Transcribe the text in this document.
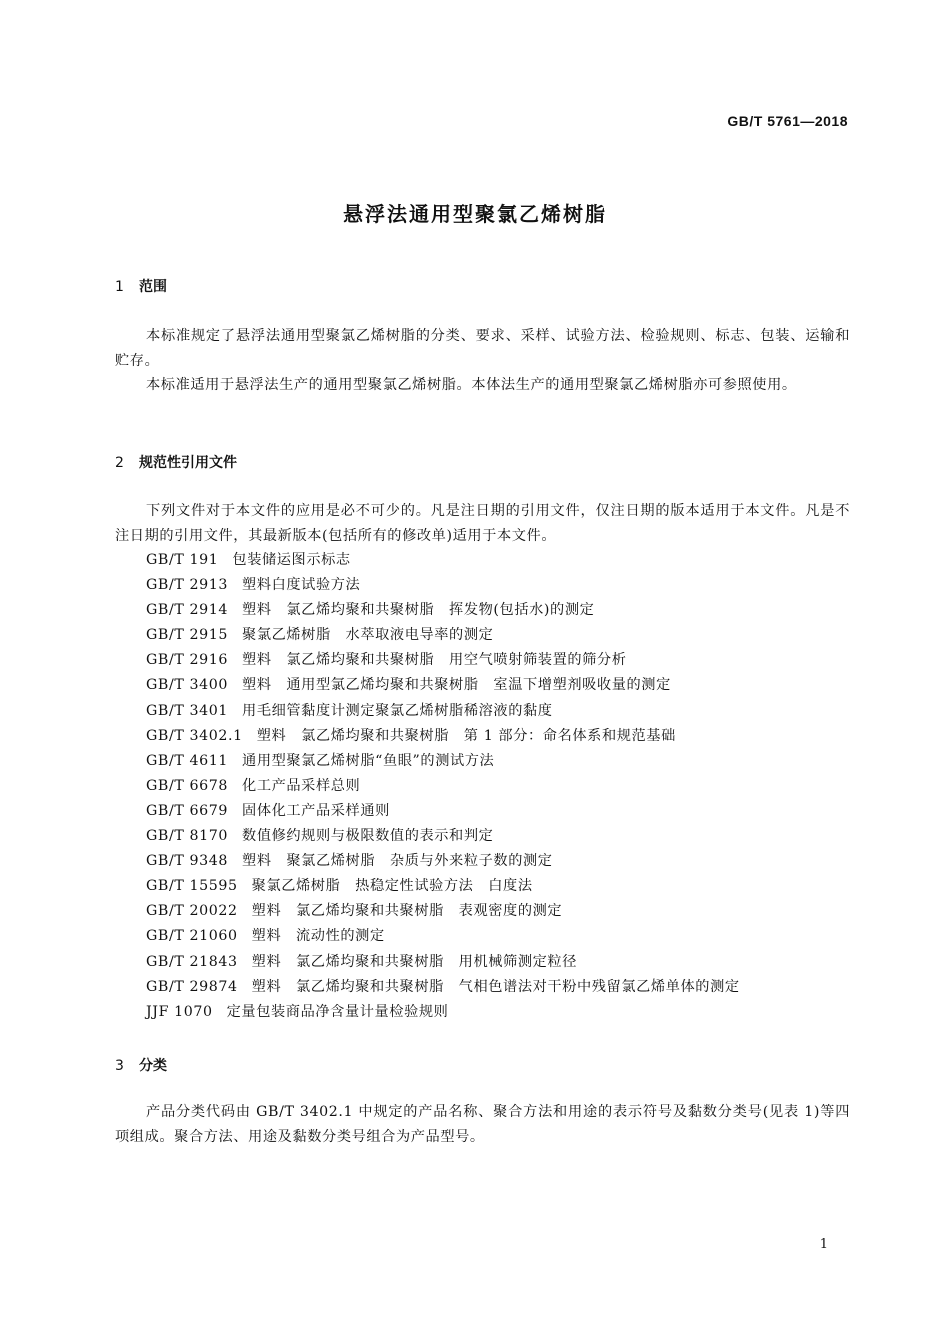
GB/T 5761—2018
悬浮法通用型聚氯乙烯树脂
1 范围

本标准规定了悬浮法通用型聚氯乙烯树脂的分类、要求、采样、试验方法、检验规则、标志、包装、运输和贮存。

本标准适用于悬浮法生产的通用型聚氯乙烯树脂。本体法生产的通用型聚氯乙烯树脂亦可参照使用。

2 规范性引用文件

下列文件对于本文件的应用是必不可少的。凡是注日期的引用文件，仅注日期的版本适用于本文件。凡是不注日期的引用文件，其最新版本(包括所有的修改单)适用于本文件。

GB/T 191 包装储运图示标志
GB/T 2913 塑料白度试验方法
GB/T 2914 塑料　氯乙烯均聚和共聚树脂　挥发物(包括水)的测定
GB/T 2915 聚氯乙烯树脂　水萃取液电导率的测定
GB/T 2916 塑料　氯乙烯均聚和共聚树脂　用空气喷射筛装置的筛分析
GB/T 3400 塑料　通用型氯乙烯均聚和共聚树脂　室温下增塑剂吸收量的测定
GB/T 3401 用毛细管黏度计测定聚氯乙烯树脂稀溶液的黏度
GB/T 3402.1 塑料　氯乙烯均聚和共聚树脂　第 1 部分：命名体系和规范基础
GB/T 4611 通用型聚氯乙烯树脂“鱼眼”的测试方法
GB/T 6678 化工产品采样总则
GB/T 6679 固体化工产品采样通则
GB/T 8170 数值修约规则与极限数值的表示和判定
GB/T 9348 塑料　聚氯乙烯树脂　杂质与外来粒子数的测定
GB/T 15595 聚氯乙烯树脂　热稳定性试验方法　白度法
GB/T 20022 塑料　氯乙烯均聚和共聚树脂　表观密度的测定
GB/T 21060 塑料　流动性的测定
GB/T 21843 塑料　氯乙烯均聚和共聚树脂　用机械筛测定粒径
GB/T 29874 塑料　氯乙烯均聚和共聚树脂　气相色谱法对干粉中残留氯乙烯单体的测定
JJF 1070 定量包装商品净含量计量检验规则
3 分类

产品分类代码由 GB/T 3402.1 中规定的产品名称、聚合方法和用途的表示符号及黏数分类号(见表 1)等四项组成。聚合方法、用途及黏数分类号组合为产品型号。

1
